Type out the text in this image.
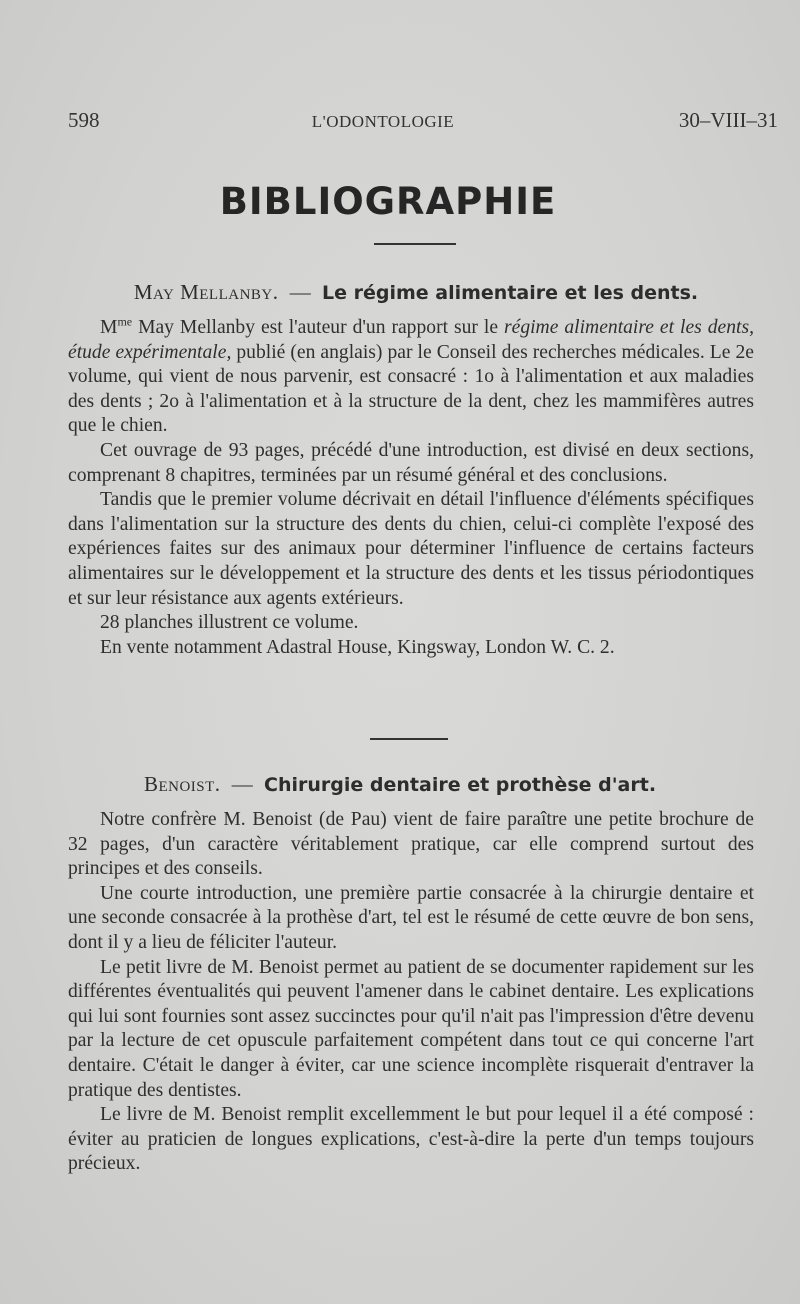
598	L'ODONTOLOGIE	30–VIII–31
BIBLIOGRAPHIE
May Mellanby. — Le régime alimentaire et les dents.

$M^{me}$ May Mellanby est l'auteur d'un rapport sur le régime alimentaire et les dents, étude expérimentale, publié (en anglais) par le Conseil des recherches médicales. Le 2e volume, qui vient de nous parvenir, est consacré : 1o à l'alimentation et aux maladies des dents ; 2o à l'alimentation et à la structure de la dent, chez les mammifères autres que le chien.

Cet ouvrage de 93 pages, précédé d'une introduction, est divisé en deux sections, comprenant 8 chapitres, terminées par un résumé général et des conclusions.

Tandis que le premier volume décrivait en détail l'influence d'éléments spécifiques dans l'alimentation sur la structure des dents du chien, celui-ci complète l'exposé des expériences faites sur des animaux pour déterminer l'influence de certains facteurs alimentaires sur le développement et la structure des dents et les tissus périodontiques et sur leur résistance aux agents extérieurs.

28 planches illustrent ce volume.

En vente notamment Adastral House, Kingsway, London W. C. 2.

Benoist. — Chirurgie dentaire et prothèse d'art.

Notre confrère M. Benoist (de Pau) vient de faire paraître une petite brochure de 32 pages, d'un caractère véritablement pratique, car elle comprend surtout des principes et des conseils.

Une courte introduction, une première partie consacrée à la chirurgie dentaire et une seconde consacrée à la prothèse d'art, tel est le résumé de cette œuvre de bon sens, dont il y a lieu de féliciter l'auteur.

Le petit livre de M. Benoist permet au patient de se documenter rapidement sur les différentes éventualités qui peuvent l'amener dans le cabinet dentaire. Les explications qui lui sont fournies sont assez succinctes pour qu'il n'ait pas l'impression d'être devenu par la lecture de cet opuscule parfaitement compétent dans tout ce qui concerne l'art dentaire. C'était le danger à éviter, car une science incomplète risquerait d'entraver la pratique des dentistes.

Le livre de M. Benoist remplit excellemment le but pour lequel il a été composé : éviter au praticien de longues explications, c'est-à-dire la perte d'un temps toujours précieux.
